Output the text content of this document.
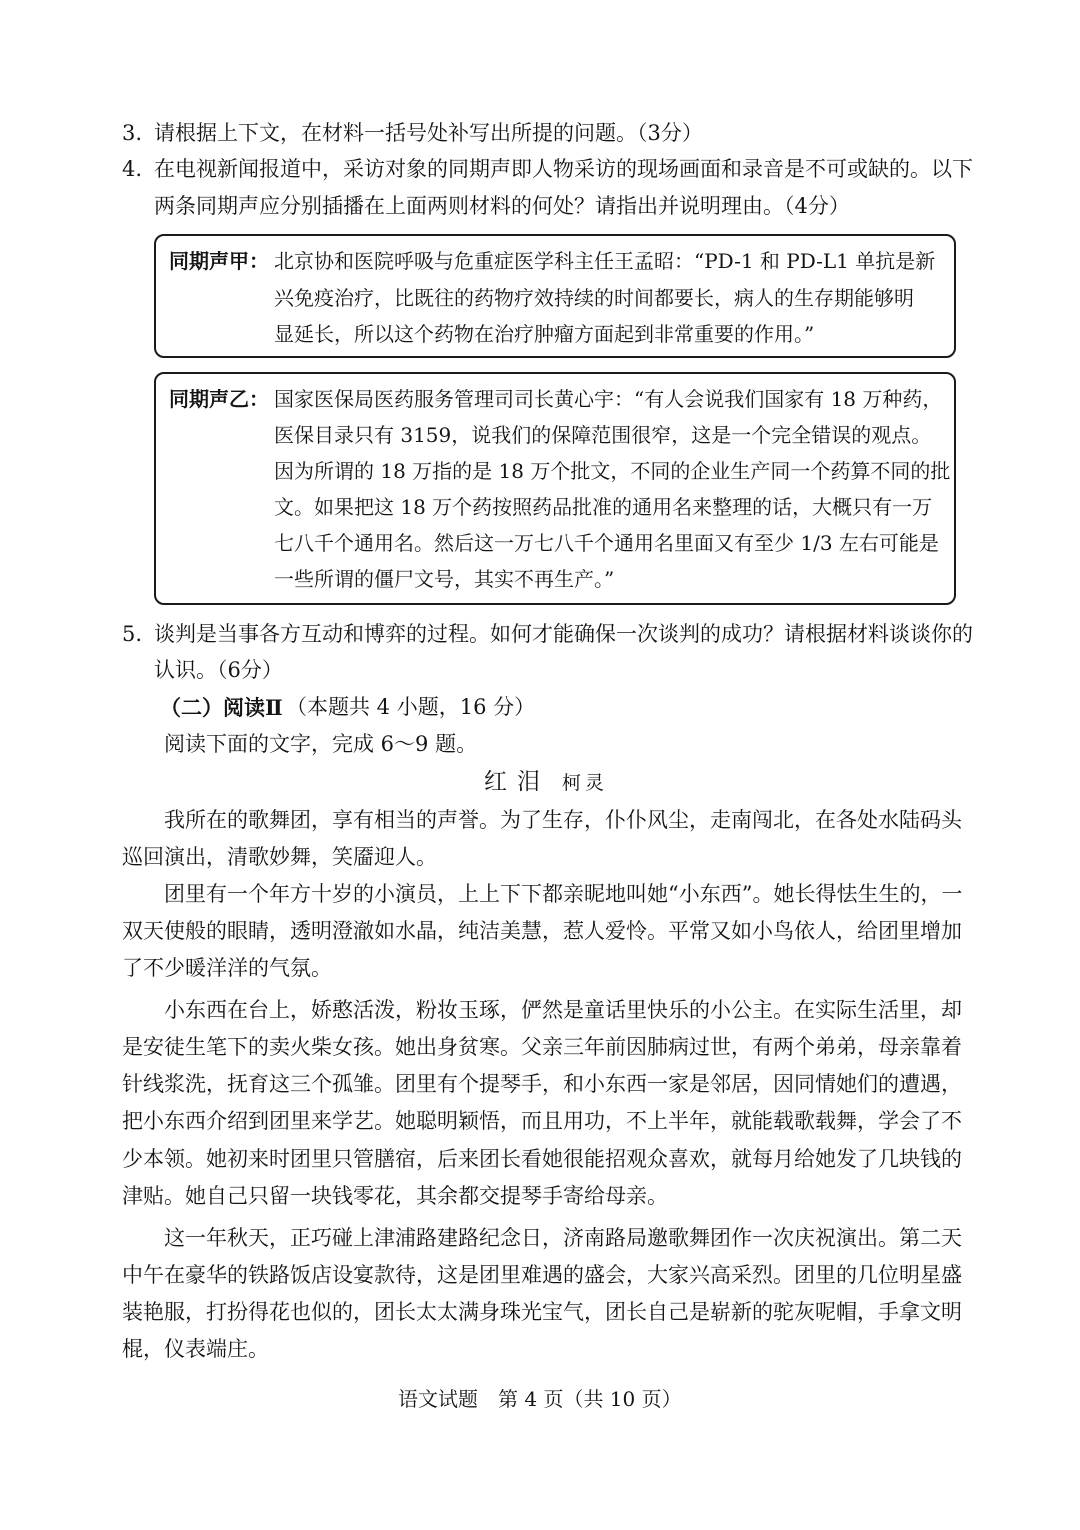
3. 请根据上下文，在材料一括号处补写出所提的问题。（3分）
4. 在电视新闻报道中，采访对象的同期声即人物采访的现场画面和录音是不可或缺的。以下
两条同期声应分别插播在上面两则材料的何处？请指出并说明理由。（4分）
同期声甲： 北京协和医院呼吸与危重症医学科主任王孟昭：“PD-1 和 PD-L1 单抗是新
兴免疫治疗，比既往的药物疗效持续的时间都要长，病人的生存期能够明
显延长，所以这个药物在治疗肿瘤方面起到非常重要的作用。”
同期声乙： 国家医保局医药服务管理司司长黄心宇：“有人会说我们国家有 18 万种药，
医保目录只有 3159，说我们的保障范围很窄，这是一个完全错误的观点。
因为所谓的 18 万指的是 18 万个批文，不同的企业生产同一个药算不同的批
文。如果把这 18 万个药按照药品批准的通用名来整理的话，大概只有一万
七八千个通用名。然后这一万七八千个通用名里面又有至少 1/3 左右可能是
一些所谓的僵尸文号，其实不再生产。”
5. 谈判是当事各方互动和博弈的过程。如何才能确保一次谈判的成功？请根据材料谈谈你的
认识。（6分）
（二）阅读Ⅱ （本题共 4 小题，16 分）
阅读下面的文字，完成 6～9 题。
红泪 柯灵
我所在的歌舞团，享有相当的声誉。为了生存，仆仆风尘，走南闯北，在各处水陆码头
巡回演出，清歌妙舞，笑靥迎人。
团里有一个年方十岁的小演员，上上下下都亲昵地叫她“小东西”。她长得怯生生的，一
双天使般的眼睛，透明澄澈如水晶，纯洁美慧，惹人爱怜。平常又如小鸟依人，给团里增加
了不少暖洋洋的气氛。
小东西在台上，娇憨活泼，粉妆玉琢，俨然是童话里快乐的小公主。在实际生活里，却
是安徒生笔下的卖火柴女孩。她出身贫寒。父亲三年前因肺病过世，有两个弟弟，母亲靠着
针线浆洗，抚育这三个孤雏。团里有个提琴手，和小东西一家是邻居，因同情她们的遭遇，
把小东西介绍到团里来学艺。她聪明颖悟，而且用功，不上半年，就能载歌载舞，学会了不
少本领。她初来时团里只管膳宿，后来团长看她很能招观众喜欢，就每月给她发了几块钱的
津贴。她自己只留一块钱零花，其余都交提琴手寄给母亲。
这一年秋天，正巧碰上津浦路建路纪念日，济南路局邀歌舞团作一次庆祝演出。第二天
中午在豪华的铁路饭店设宴款待，这是团里难遇的盛会，大家兴高采烈。团里的几位明星盛
装艳服，打扮得花也似的，团长太太满身珠光宝气，团长自己是崭新的驼灰呢帽，手拿文明
棍，仪表端庄。
语文试题　第 4 页（共 10 页）
